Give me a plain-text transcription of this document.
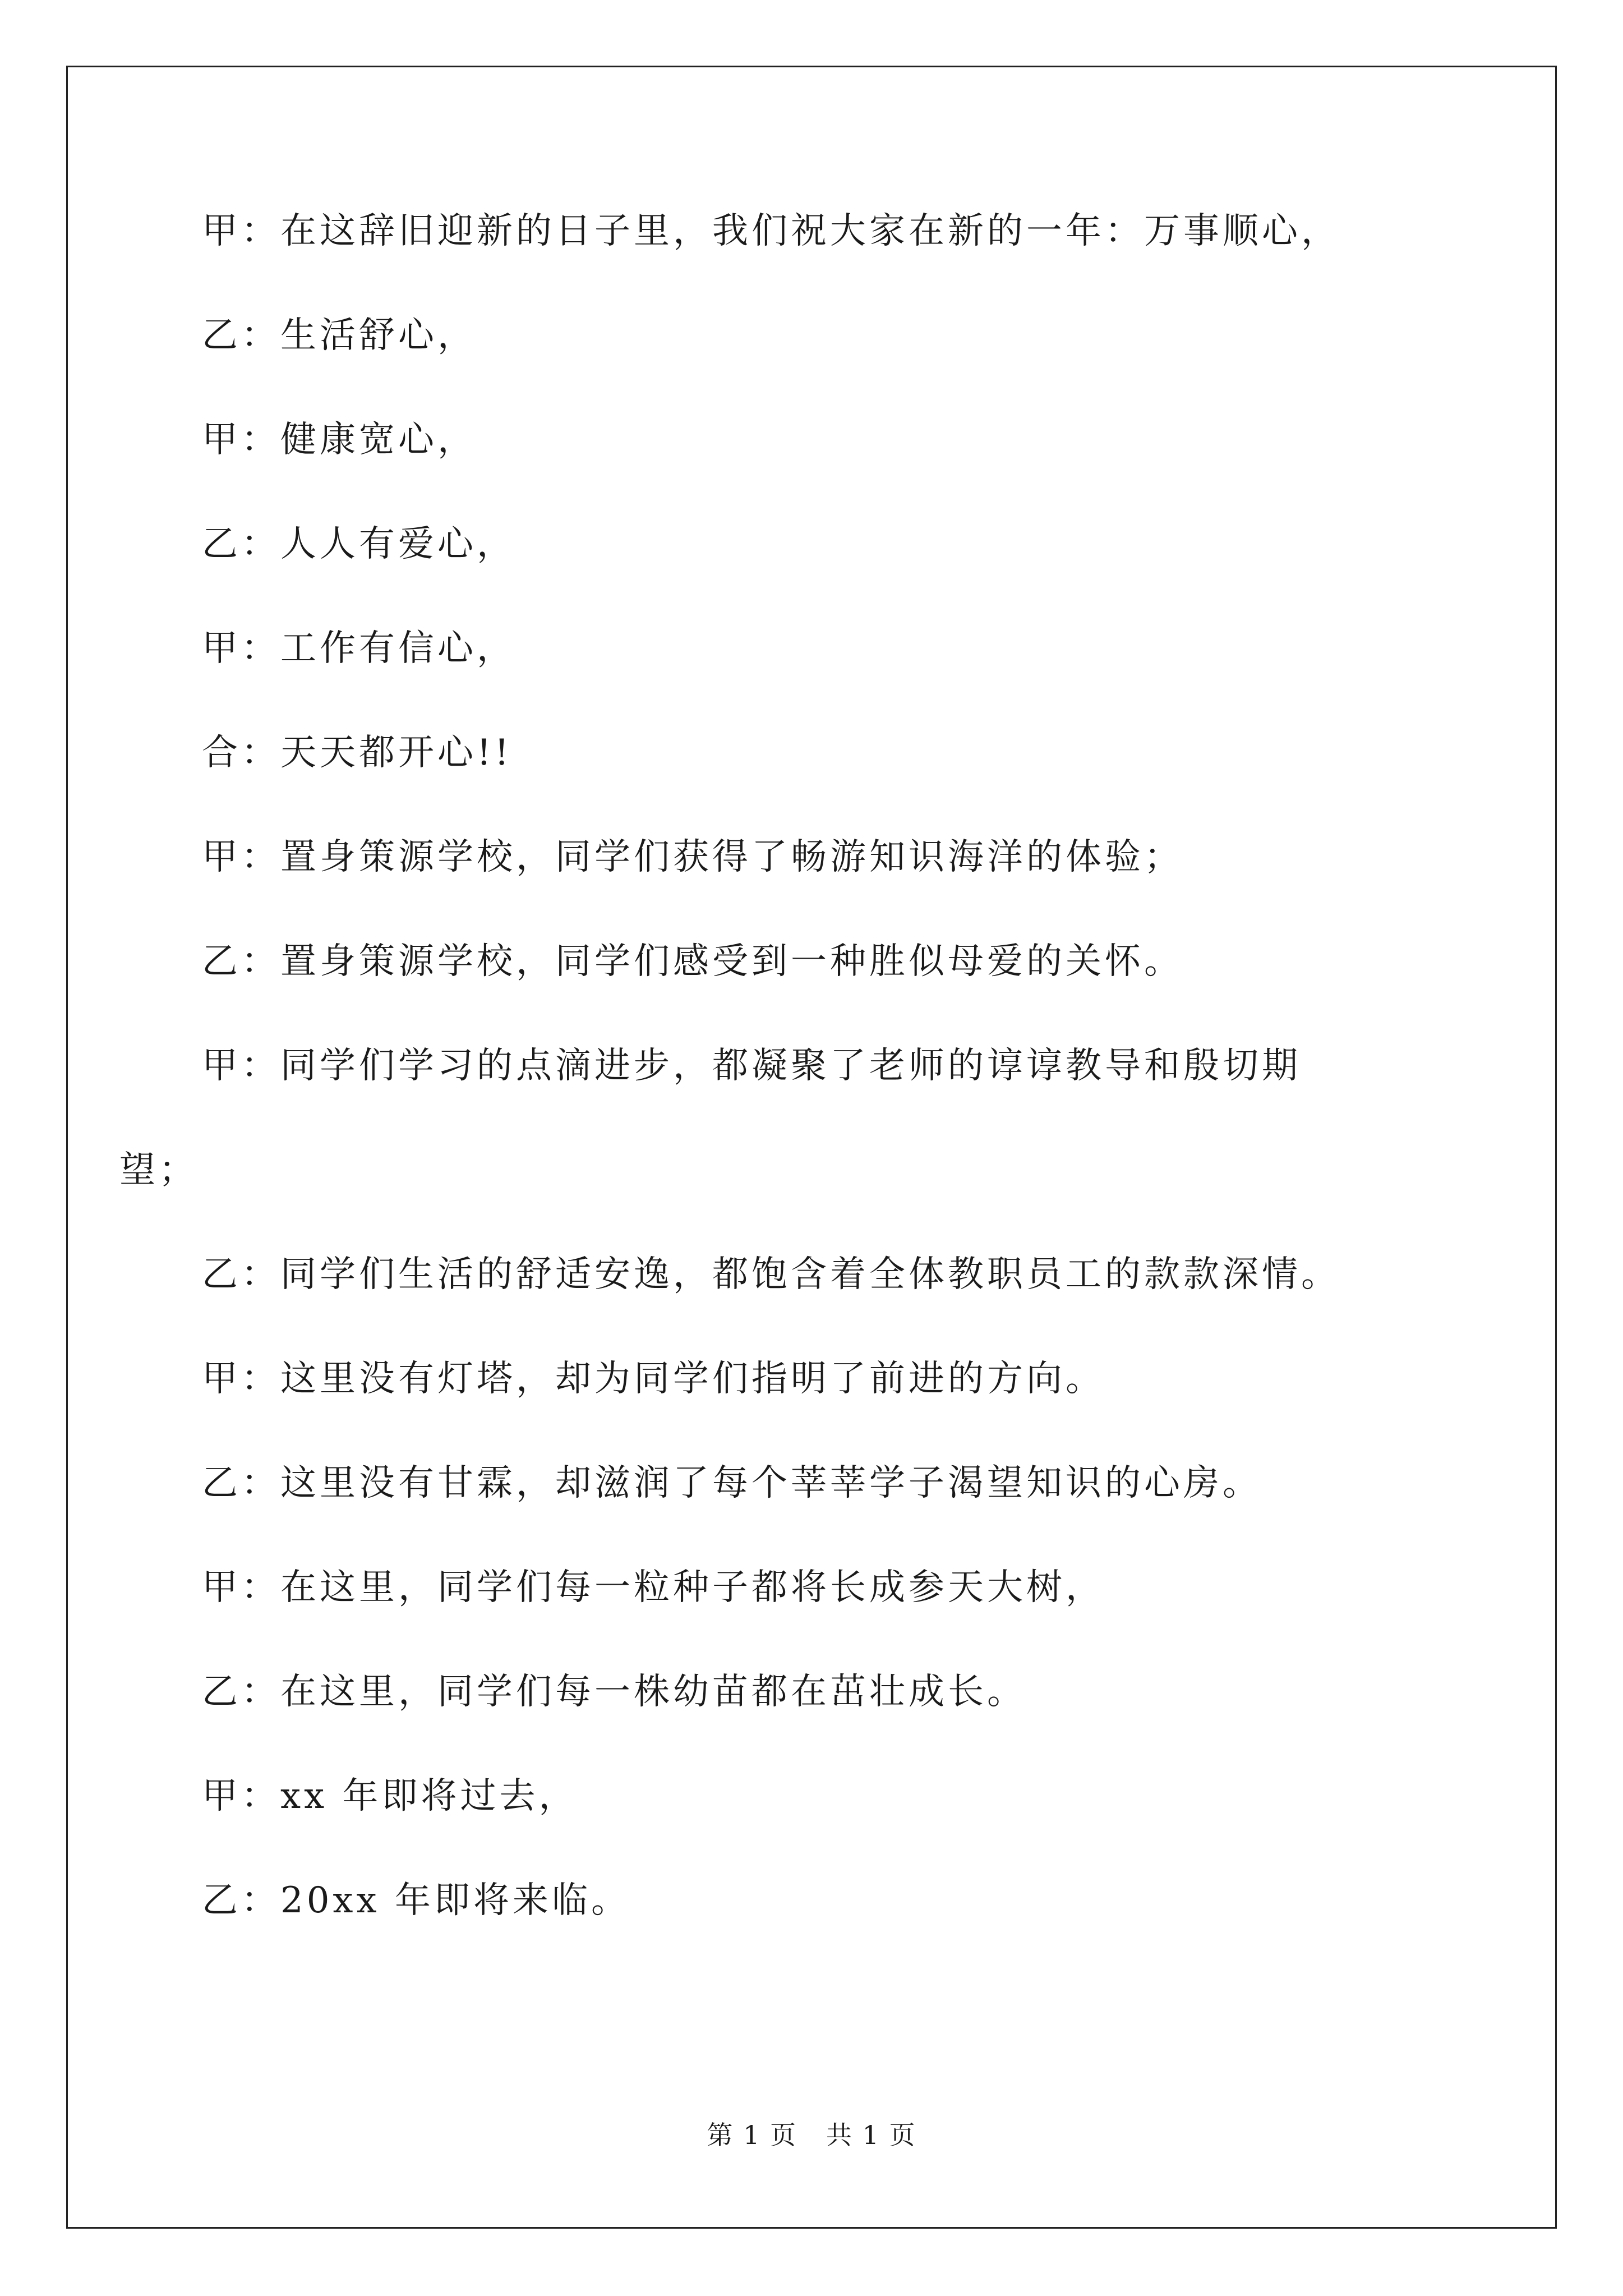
甲：在这辞旧迎新的日子里，我们祝大家在新的一年：万事顺心，
乙：生活舒心，
甲：健康宽心，
乙：人人有爱心，
甲：工作有信心，
合：天天都开心!!
甲：置身策源学校，同学们获得了畅游知识海洋的体验；
乙：置身策源学校，同学们感受到一种胜似母爱的关怀。
甲：同学们学习的点滴进步，都凝聚了老师的谆谆教导和殷切期
望；
乙：同学们生活的舒适安逸，都饱含着全体教职员工的款款深情。
甲：这里没有灯塔，却为同学们指明了前进的方向。
乙：这里没有甘霖，却滋润了每个莘莘学子渴望知识的心房。
甲：在这里，同学们每一粒种子都将长成参天大树，
乙：在这里，同学们每一株幼苗都在茁壮成长。
甲：xx 年即将过去，
乙：20xx 年即将来临。
第 1 页 共 1 页
